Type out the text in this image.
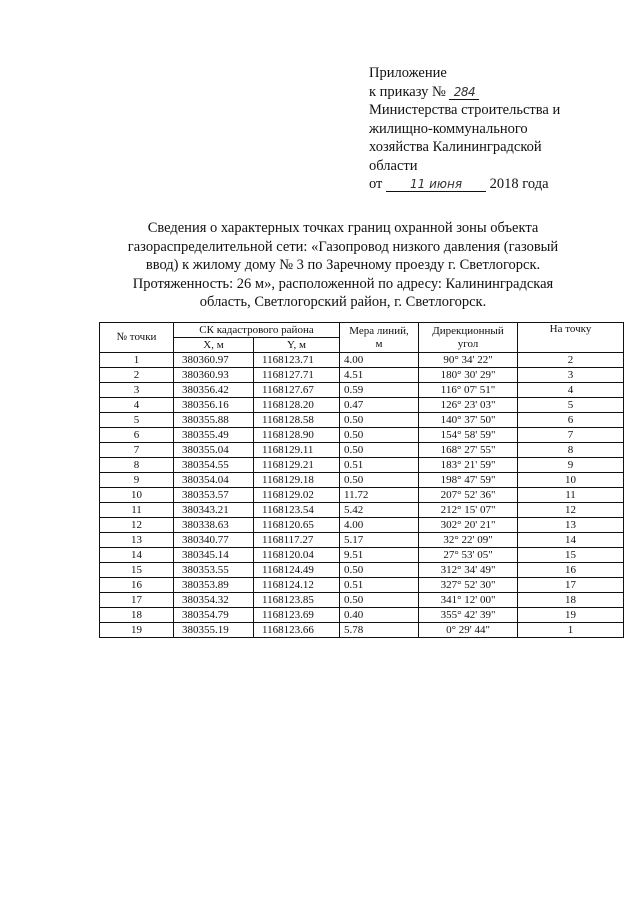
Приложение
к приказу № 284
Министерства строительства и
жилищно-коммунального
хозяйства Калининградской
области
от 11 июня 2018 года
Сведения о характерных точках границ охранной зоны объекта газораспределительной сети: «Газопровод низкого давления (газовый ввод) к жилому дому № 3 по Заречному проезду г. Светлогорск. Протяженность: 26 м», расположенной по адресу: Калининградская область, Светлогорский район, г. Светлогорск.
№ точки	СК кадастрового района		Мера линий, м	Дирекционный угол	На точку
	X, м	Y, м			
1	380360.97	1168123.71	4.00	90° 34' 22"	2
2	380360.93	1168127.71	4.51	180° 30' 29"	3
3	380356.42	1168127.67	0.59	116° 07' 51"	4
4	380356.16	1168128.20	0.47	126° 23' 03"	5
5	380355.88	1168128.58	0.50	140° 37' 50"	6
6	380355.49	1168128.90	0.50	154° 58' 59"	7
7	380355.04	1168129.11	0.50	168° 27' 55"	8
8	380354.55	1168129.21	0.51	183° 21' 59"	9
9	380354.04	1168129.18	0.50	198° 47' 59"	10
10	380353.57	1168129.02	11.72	207° 52' 36"	11
11	380343.21	1168123.54	5.42	212° 15' 07"	12
12	380338.63	1168120.65	4.00	302° 20' 21"	13
13	380340.77	1168117.27	5.17	32° 22' 09"	14
14	380345.14	1168120.04	9.51	27° 53' 05"	15
15	380353.55	1168124.49	0.50	312° 34' 49"	16
16	380353.89	1168124.12	0.51	327° 52' 30"	17
17	380354.32	1168123.85	0.50	341° 12' 00"	18
18	380354.79	1168123.69	0.40	355° 42' 39"	19
19	380355.19	1168123.66	5.78	0° 29' 44"	1
